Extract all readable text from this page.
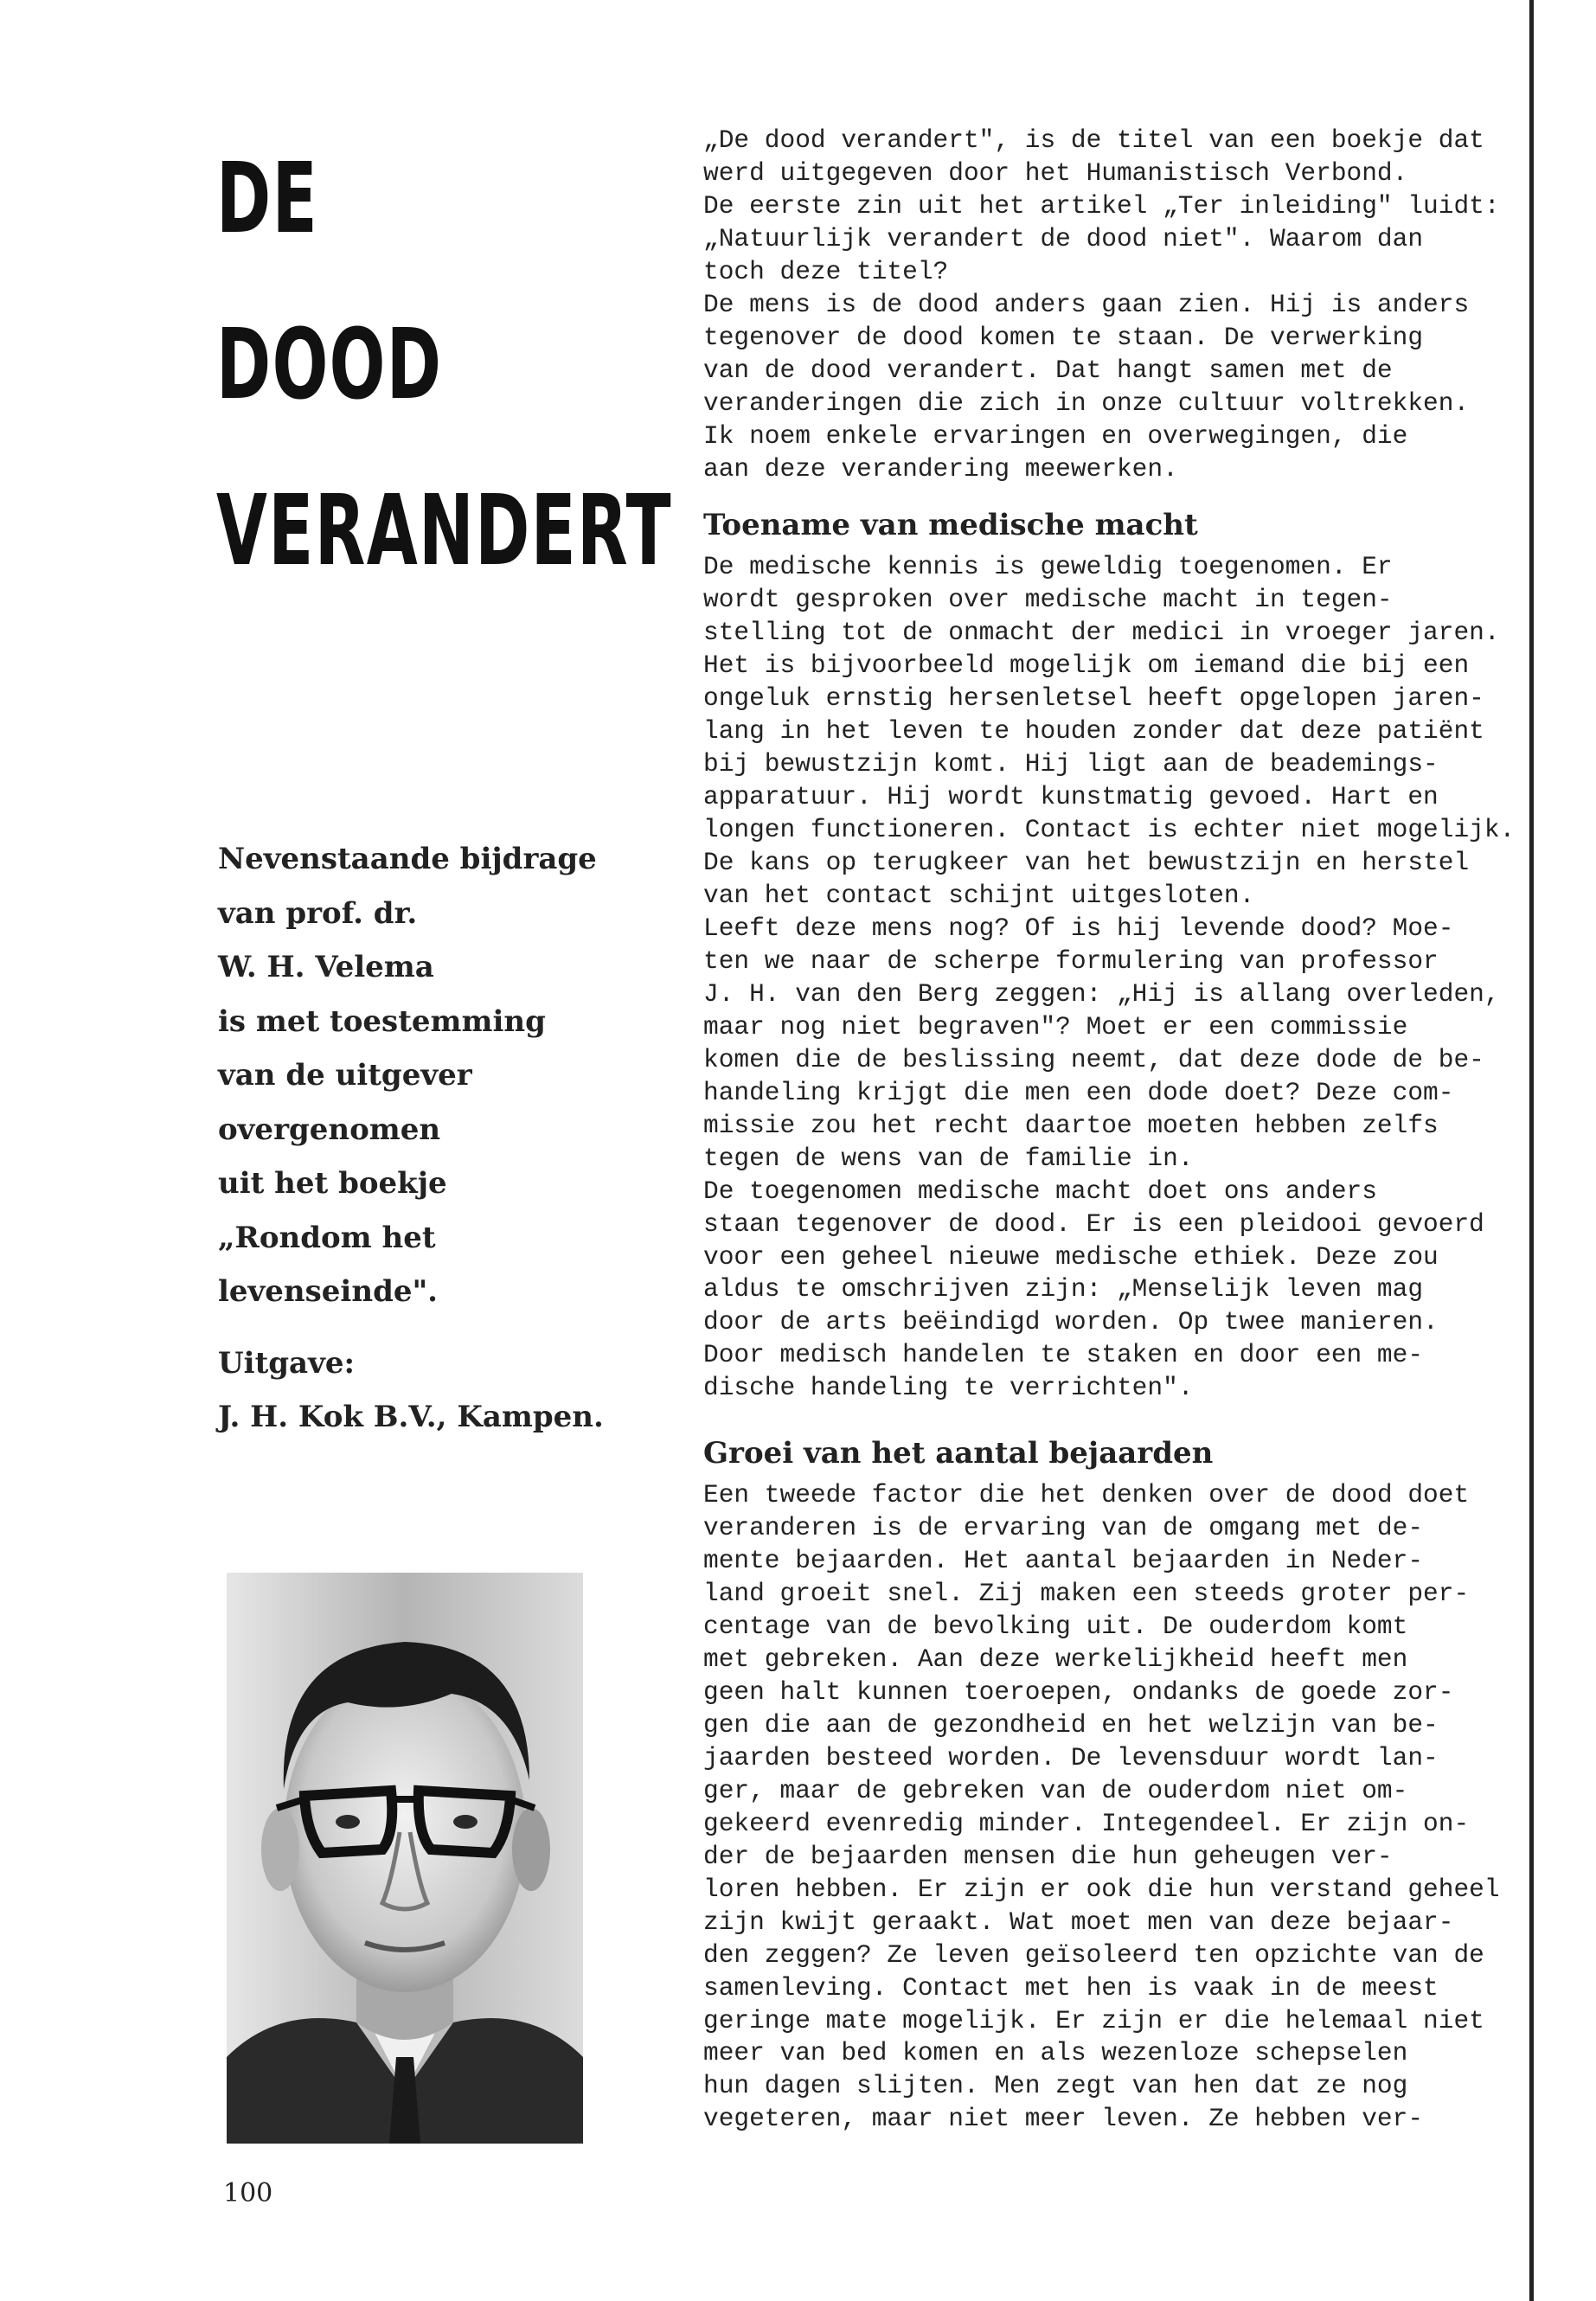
DE
DOOD
VERANDERT
Nevenstaande bijdrage
van prof. dr.
W. H. Velema
is met toestemming
van de uitgever
overgenomen
uit het boekje
„Rondom het
levenseinde".
Uitgave:
J. H. Kok B.V., Kampen.
100
„De dood verandert", is de titel van een boekje dat
werd uitgegeven door het Humanistisch Verbond.
De eerste zin uit het artikel „Ter inleiding" luidt:
„Natuurlijk verandert de dood niet". Waarom dan
toch deze titel?
De mens is de dood anders gaan zien. Hij is anders
tegenover de dood komen te staan. De verwerking
van de dood verandert. Dat hangt samen met de
veranderingen die zich in onze cultuur voltrekken.
Ik noem enkele ervaringen en overwegingen, die
aan deze verandering meewerken.
Toename van medische macht
De medische kennis is geweldig toegenomen. Er
wordt gesproken over medische macht in tegen-
stelling tot de onmacht der medici in vroeger jaren.
Het is bijvoorbeeld mogelijk om iemand die bij een
ongeluk ernstig hersenletsel heeft opgelopen jaren-
lang in het leven te houden zonder dat deze patiënt
bij bewustzijn komt. Hij ligt aan de beademings-
apparatuur. Hij wordt kunstmatig gevoed. Hart en
longen functioneren. Contact is echter niet mogelijk.
De kans op terugkeer van het bewustzijn en herstel
van het contact schijnt uitgesloten.
Leeft deze mens nog? Of is hij levende dood? Moe-
ten we naar de scherpe formulering van professor
J. H. van den Berg zeggen: „Hij is allang overleden,
maar nog niet begraven"? Moet er een commissie
komen die de beslissing neemt, dat deze dode de be-
handeling krijgt die men een dode doet? Deze com-
missie zou het recht daartoe moeten hebben zelfs
tegen de wens van de familie in.
De toegenomen medische macht doet ons anders
staan tegenover de dood. Er is een pleidooi gevoerd
voor een geheel nieuwe medische ethiek. Deze zou
aldus te omschrijven zijn: „Menselijk leven mag
door de arts beëindigd worden. Op twee manieren.
Door medisch handelen te staken en door een me-
dische handeling te verrichten".
Groei van het aantal bejaarden
Een tweede factor die het denken over de dood doet
veranderen is de ervaring van de omgang met de-
mente bejaarden. Het aantal bejaarden in Neder-
land groeit snel. Zij maken een steeds groter per-
centage van de bevolking uit. De ouderdom komt
met gebreken. Aan deze werkelijkheid heeft men
geen halt kunnen toeroepen, ondanks de goede zor-
gen die aan de gezondheid en het welzijn van be-
jaarden besteed worden. De levensduur wordt lan-
ger, maar de gebreken van de ouderdom niet om-
gekeerd evenredig minder. Integendeel. Er zijn on-
der de bejaarden mensen die hun geheugen ver-
loren hebben. Er zijn er ook die hun verstand geheel
zijn kwijt geraakt. Wat moet men van deze bejaar-
den zeggen? Ze leven geïsoleerd ten opzichte van de
samenleving. Contact met hen is vaak in de meest
geringe mate mogelijk. Er zijn er die helemaal niet
meer van bed komen en als wezenloze schepselen
hun dagen slijten. Men zegt van hen dat ze nog
vegeteren, maar niet meer leven. Ze hebben ver-
